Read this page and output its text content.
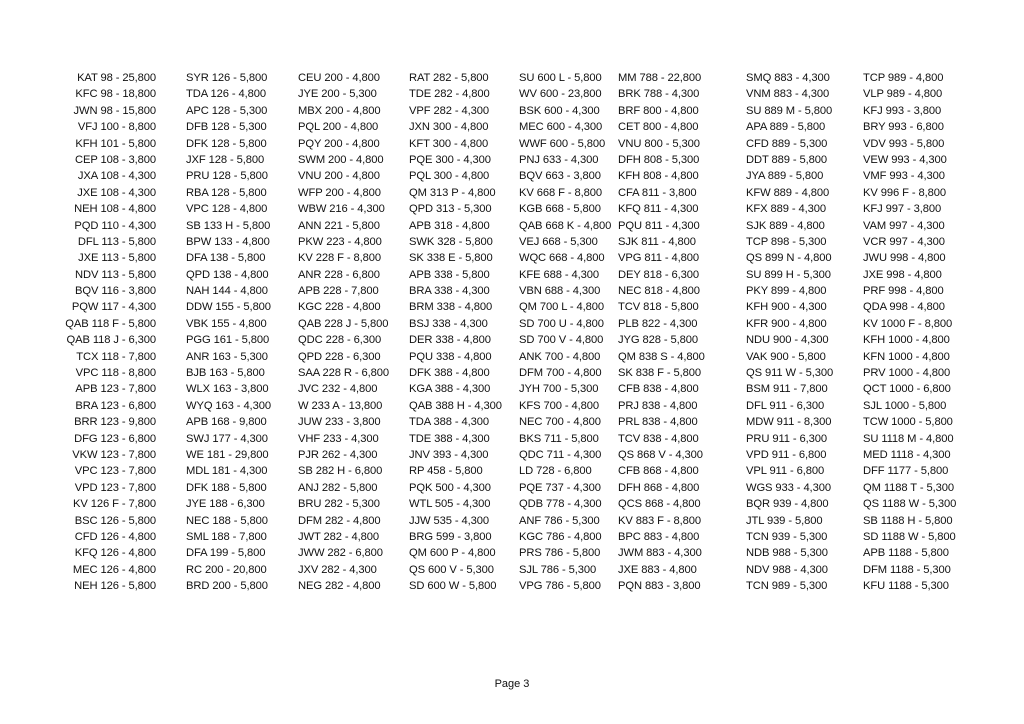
KAT 98 - 25,800
KFC 98 - 18,800
JWN 98 - 15,800
VFJ 100 - 8,800
KFH 101 - 5,800
CEP 108 - 3,800
JXA 108 - 4,300
JXE 108 - 4,300
NEH 108 - 4,800
PQD 110 - 4,300
DFL 113 - 5,800
JXE 113 - 5,800
NDV 113 - 5,800
BQV 116 - 3,800
PQW 117 - 4,300
QAB 118 F - 5,800
QAB 118 J - 6,300
TCX 118 - 7,800
VPC 118 - 8,800
APB 123 - 7,800
BRA 123 - 6,800
BRR 123 - 9,800
DFG 123 - 6,800
VKW 123 - 7,800
VPC 123 - 7,800
VPD 123 - 7,800
KV 126 F - 7,800
BSC 126 - 5,800
CFD 126 - 4,800
KFQ 126 - 4,800
MEC 126 - 4,800
NEH 126 - 5,800
SYR 126 - 5,800
TDA 126 - 4,800
APC 128 - 5,300
DFB 128 - 5,300
DFK 128 - 5,800
JXF 128 - 5,800
PRU 128 - 5,800
RBA 128 - 5,800
VPC 128 - 4,800
SB 133 H - 5,800
BPW 133 - 4,800
DFA 138 - 5,800
QPD 138 - 4,800
NAH 144 - 4,800
DDW 155 - 5,800
VBK 155 - 4,800
PGG 161 - 5,800
ANR 163 - 5,300
BJB 163 - 5,800
WLX 163 - 3,800
WYQ 163 - 4,300
APB 168 - 9,800
SWJ 177 - 4,300
WE 181 - 29,800
MDL 181 - 4,300
DFK 188 - 5,800
JYE 188 - 6,300
NEC 188 - 5,800
SML 188 - 7,800
DFA 199 - 5,800
RC 200 - 20,800
BRD 200 - 5,800
CEU 200 - 4,800
JYE 200 - 5,300
MBX 200 - 4,800
PQL 200 - 4,800
PQY 200 - 4,800
SWM 200 - 4,800
VNU 200 - 4,800
WFP 200 - 4,800
WBW 216 - 4,300
ANN 221 - 5,800
PKW 223 - 4,800
KV 228 F - 8,800
ANR 228 - 6,800
APB 228 - 7,800
KGC 228 - 4,800
QAB 228 J - 5,800
QDC 228 - 6,300
QPD 228 - 6,300
SAA 228 R - 6,800
JVC 232 - 4,800
W 233 A - 13,800
JUW 233 - 3,800
VHF 233 - 4,300
PJR 262 - 4,300
SB 282 H - 6,800
ANJ 282 - 5,800
BRU 282 - 5,300
DFM 282 - 4,800
JWT 282 - 4,800
JWW 282 - 6,800
JXV 282 - 4,300
NEG 282 - 4,800
RAT 282 - 5,800
TDE 282 - 4,800
VPF 282 - 4,300
JXN 300 - 4,800
KFT 300 - 4,800
PQE 300 - 4,300
PQL 300 - 4,800
QM 313 P - 4,800
QPD 313 - 5,300
APB 318 - 4,800
SWK 328 - 5,800
SK 338 E - 5,800
APB 338 - 5,800
BRA 338 - 4,300
BRM 338 - 4,800
BSJ 338 - 4,300
DER 338 - 4,800
PQU 338 - 4,800
DFK 388 - 4,800
KGA 388 - 4,300
QAB 388 H - 4,300
TDA 388 - 4,300
TDE 388 - 4,300
JNV 393 - 4,300
RP 458 - 5,800
PQK 500 - 4,300
WTL 505 - 4,300
JJW 535 - 4,300
BRG 599 - 3,800
QM 600 P - 4,800
QS 600 V - 5,300
SD 600 W - 5,800
SU 600 L - 5,800
WV 600 - 23,800
BSK 600 - 4,300
MEC 600 - 4,300
WWF 600 - 5,800
PNJ 633 - 4,300
BQV 663 - 3,800
KV 668 F - 8,800
KGB 668 - 5,800
QAB 668 K - 4,800
VEJ 668 - 5,300
WQC 668 - 4,800
KFE 688 - 4,300
VBN 688 - 4,300
QM 700 L - 4,800
SD 700 U - 4,800
SD 700 V - 4,800
ANK 700 - 4,800
DFM 700 - 4,800
JYH 700 - 5,300
KFS 700 - 4,800
NEC 700 - 4,800
BKS 711 - 5,800
QDC 711 - 4,300
LD 728 - 6,800
PQE 737 - 4,300
QDB 778 - 4,300
ANF 786 - 5,300
KGC 786 - 4,800
PRS 786 - 5,800
SJL 786 - 5,300
VPG 786 - 5,800
MM 788 - 22,800
BRK 788 - 4,300
BRF 800 - 4,800
CET 800 - 4,800
VNU 800 - 5,300
DFH 808 - 5,300
KFH 808 - 4,800
CFA 811 - 3,800
KFQ 811 - 4,300
PQU 811 - 4,300
SJK 811 - 4,800
VPG 811 - 4,800
DEY 818 - 6,300
NEC 818 - 4,800
TCV 818 - 5,800
PLB 822 - 4,300
JYG 828 - 5,800
QM 838 S - 4,800
SK 838 F - 5,800
CFB 838 - 4,800
PRJ 838 - 4,800
PRL 838 - 4,800
TCV 838 - 4,800
QS 868 V - 4,300
CFB 868 - 4,800
DFH 868 - 4,800
QCS 868 - 4,800
KV 883 F - 8,800
BPC 883 - 4,800
JWM 883 - 4,300
JXE 883 - 4,800
PQN 883 - 3,800
SMQ 883 - 4,300
VNM 883 - 4,300
SU 889 M - 5,800
APA 889 - 5,800
CFD 889 - 5,300
DDT 889 - 5,800
JYA 889 - 5,800
KFW 889 - 4,800
KFX 889 - 4,300
SJK 889 - 4,800
TCP 898 - 5,300
QS 899 N - 4,800
SU 899 H - 5,300
PKY 899 - 4,800
KFH 900 - 4,300
KFR 900 - 4,800
NDU 900 - 4,300
VAK 900 - 5,800
QS 911 W - 5,300
BSM 911 - 7,800
DFL 911 - 6,300
MDW 911 - 8,300
PRU 911 - 6,300
VPD 911 - 6,800
VPL 911 - 6,800
WGS 933 - 4,300
BQR 939 - 4,800
JTL 939 - 5,800
TCN 939 - 5,300
NDB 988 - 5,300
NDV 988 - 4,300
TCN 989 - 5,300
TCP 989 - 4,800
VLP 989 - 4,800
KFJ 993 - 3,800
BRY 993 - 6,800
VDV 993 - 5,800
VEW 993 - 4,300
VMF 993 - 4,300
KV 996 F - 8,800
KFJ 997 - 3,800
VAM 997 - 4,300
VCR 997 - 4,300
JWU 998 - 4,800
JXE 998 - 4,800
PRF 998 - 4,800
QDA 998 - 4,800
KV 1000 F - 8,800
KFH 1000 - 4,800
KFN 1000 - 4,800
PRV 1000 - 4,800
QCT 1000 - 6,800
SJL 1000 - 5,800
TCW 1000 - 5,800
SU 1118 M - 4,800
MED 1118 - 4,300
DFF 1177 - 5,800
QM 1188 T - 5,300
QS 1188 W - 5,300
SB 1188 H - 5,800
SD 1188 W - 5,800
APB 1188 - 5,800
DFM 1188 - 5,300
KFU 1188 - 5,300
Page 3
